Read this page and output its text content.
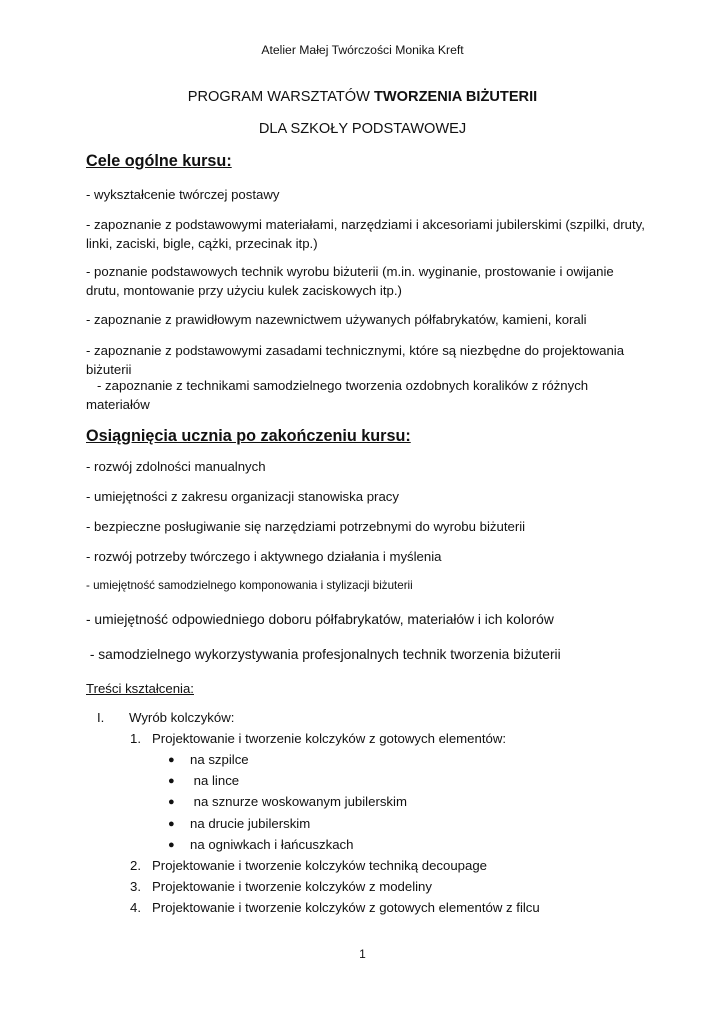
Atelier Małej Twórczości Monika Kreft
PROGRAM WARSZTATÓW TWORZENIA BIŻUTERII
DLA SZKOŁY PODSTAWOWEJ
Cele ogólne kursu:
- wykształcenie twórczej postawy
- zapoznanie z podstawowymi materiałami, narzędziami i akcesoriami jubilerskimi (szpilki, druty, linki, zaciski, bigle, cążki, przecinak itp.)
- poznanie podstawowych technik wyrobu biżuterii (m.in. wyginanie, prostowanie i owijanie drutu, montowanie przy użyciu kulek zaciskowych itp.)
- zapoznanie z prawidłowym nazewnictwem używanych półfabrykatów, kamieni, korali
- zapoznanie z podstawowymi zasadami technicznymi, które są niezbędne do projektowania biżuterii
- zapoznanie z technikami samodzielnego tworzenia ozdobnych koralików z różnych materiałów
Osiągnięcia ucznia po zakończeniu kursu:
- rozwój zdolności manualnych
- umiejętności z zakresu organizacji stanowiska pracy
- bezpieczne posługiwanie się narzędziami potrzebnymi do wyrobu biżuterii
- rozwój potrzeby twórczego i aktywnego działania i myślenia
- umiejętność samodzielnego komponowania i stylizacji biżuterii
- umiejętność odpowiedniego doboru półfabrykatów, materiałów i ich kolorów
- samodzielnego wykorzystywania profesjonalnych technik tworzenia biżuterii
Treści kształcenia:
I. Wyrób kolczyków:
1. Projektowanie i tworzenie kolczyków z gotowych elementów:
● na szpilce
● na lince
● na sznurze woskowanym jubilerskim
● na drucie jubilerskim
● na ogniwkach i łańcuszkach
2. Projektowanie i tworzenie kolczyków techniką decoupage
3. Projektowanie i tworzenie kolczyków z modeliny
4. Projektowanie i tworzenie kolczyków z gotowych elementów z filcu
1
